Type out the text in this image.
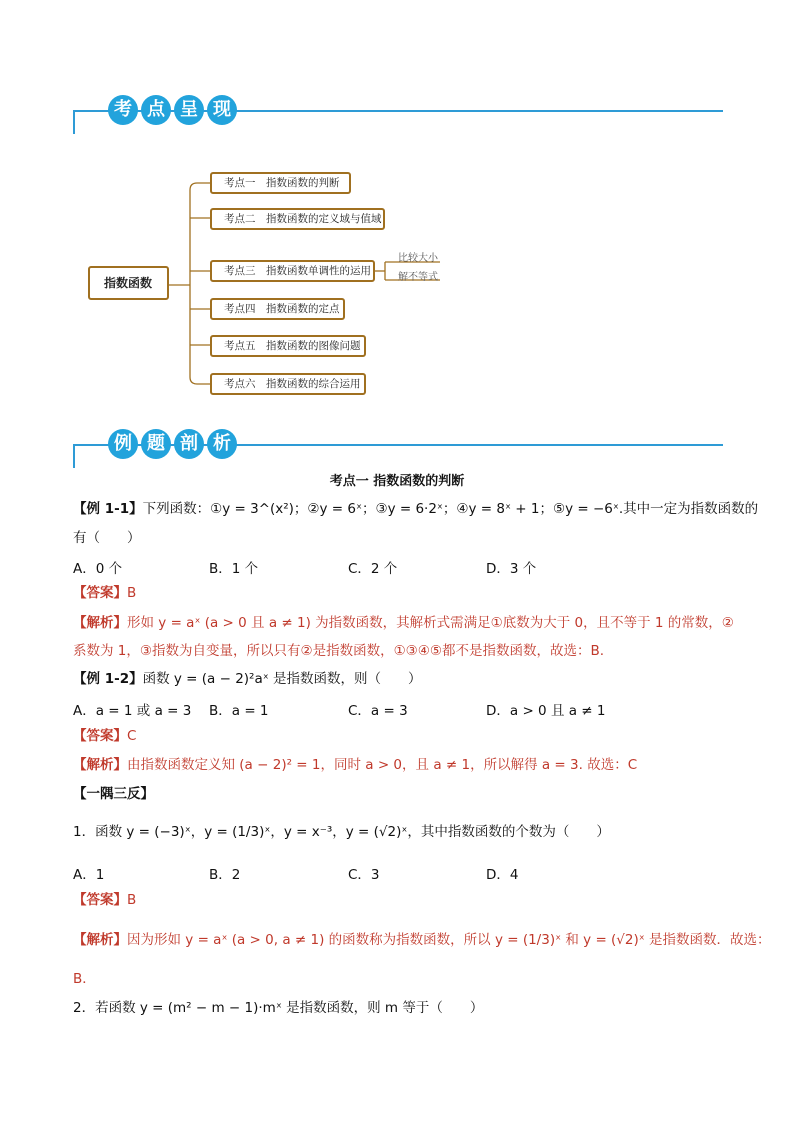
考 点 呈 现
指数函数
考点一　指数函数的判断
考点二　指数函数的定义域与值域
考点三　指数函数单调性的运用
考点四　指数函数的定点
考点五　指数函数的图像问题
考点六　指数函数的综合运用
比较大小
解不等式
例 题 剖 析
考点一 指数函数的判断
【例 1-1】下列函数：①y = 3^(x²)；②y = 6ˣ；③y = 6·2ˣ；④y = 8ˣ + 1；⑤y = −6ˣ.其中一定为指数函数的
有（　　）
A．0 个	B．1 个	C．2 个	D．3 个
【答案】B
【解析】形如 y = aˣ (a > 0 且 a ≠ 1) 为指数函数，其解析式需满足①底数为大于 0，且不等于 1 的常数，②
系数为 1，③指数为自变量，所以只有②是指数函数，①③④⑤都不是指数函数，故选：B.
【例 1-2】函数 y = (a − 2)²aˣ 是指数函数，则（　　）
A．a = 1 或 a = 3 B．a = 1	C．a = 3	D．a > 0 且 a ≠ 1
【答案】C
【解析】由指数函数定义知 (a − 2)² = 1，同时 a > 0，且 a ≠ 1，所以解得 a = 3. 故选：C
【一隅三反】
1．函数 y = (−3)ˣ，y = (1/3)ˣ，y = x⁻³，y = (√2)ˣ，其中指数函数的个数为（　　）
A．1	B．2	C．3	D．4
【答案】B
【解析】因为形如 y = aˣ (a > 0, a ≠ 1) 的函数称为指数函数，所以 y = (1/3)ˣ 和 y = (√2)ˣ 是指数函数．故选：
B．
2．若函数 y = (m² − m − 1)·mˣ 是指数函数，则 m 等于（　　）
